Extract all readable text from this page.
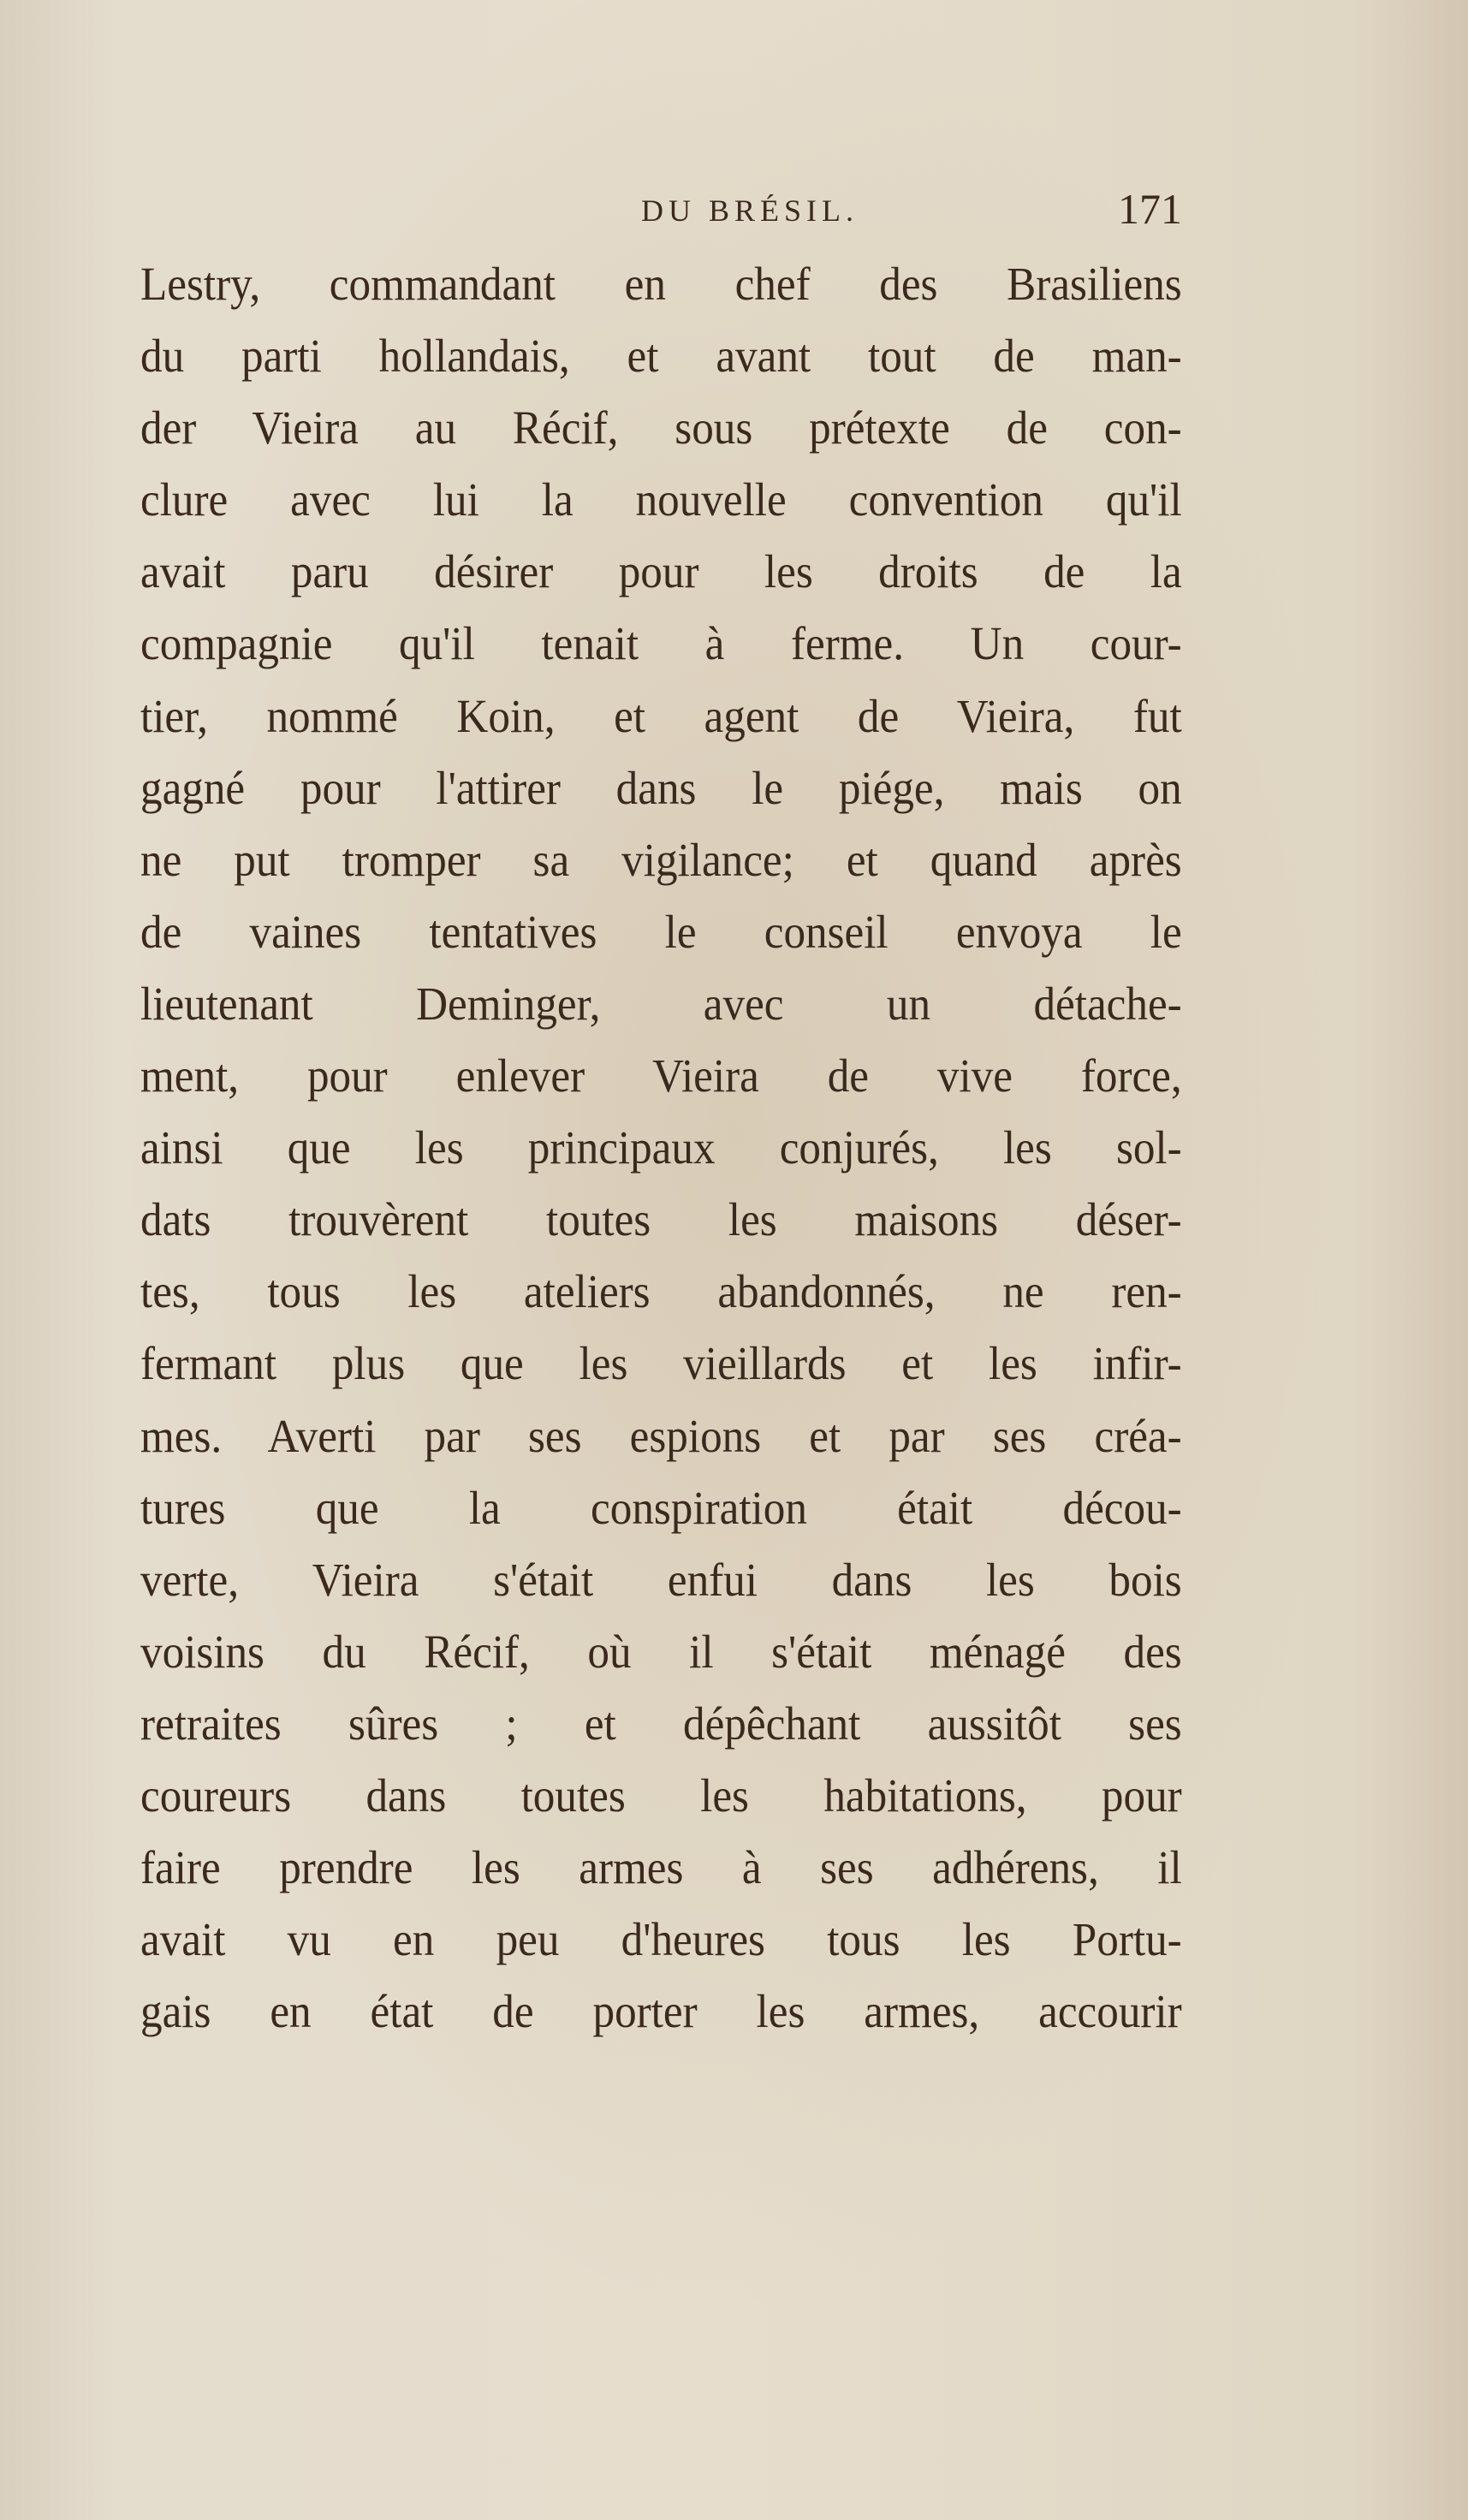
DU BRÉSIL.	171
Lestry, commandant en chef des Brasiliens
du parti hollandais, et avant tout de man-
der Vieira au Récif, sous prétexte de con-
clure avec lui la nouvelle convention qu'il
avait paru désirer pour les droits de la
compagnie qu'il tenait à ferme. Un cour-
tier, nommé Koin, et agent de Vieira, fut
gagné pour l'attirer dans le piége, mais on
ne put tromper sa vigilance; et quand après
de vaines tentatives le conseil envoya le
lieutenant Deminger, avec un détache-
ment, pour enlever Vieira de vive force,
ainsi que les principaux conjurés, les sol-
dats trouvèrent toutes les maisons déser-
tes, tous les ateliers abandonnés, ne ren-
fermant plus que les vieillards et les infir-
mes. Averti par ses espions et par ses créa-
tures que la conspiration était décou-
verte, Vieira s'était enfui dans les bois
voisins du Récif, où il s'était ménagé des
retraites sûres ; et dépêchant aussitôt ses
coureurs dans toutes les habitations, pour
faire prendre les armes à ses adhérens, il
avait vu en peu d'heures tous les Portu-
gais en état de porter les armes, accourir
